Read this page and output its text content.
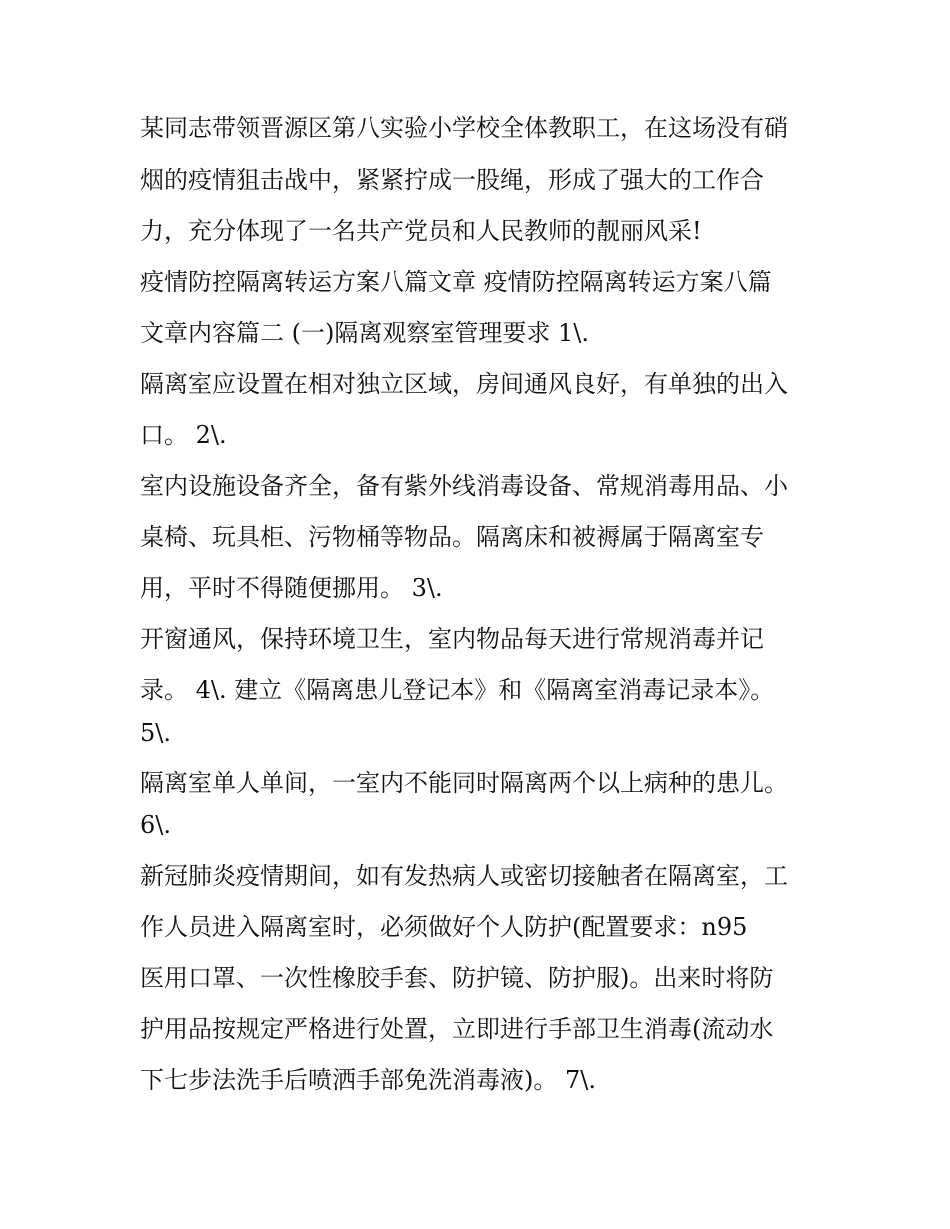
某同志带领晋源区第八实验小学校全体教职工，在这场没有硝
烟的疫情狙击战中，紧紧拧成一股绳，形成了强大的工作合
力，充分体现了一名共产党员和人民教师的靓丽风采!
疫情防控隔离转运方案八篇文章 疫情防控隔离转运方案八篇
文章内容篇二 (一)隔离观察室管理要求 1\.
隔离室应设置在相对独立区域，房间通风良好，有单独的出入
口。 2\.
室内设施设备齐全，备有紫外线消毒设备、常规消毒用品、小
桌椅、玩具柜、污物桶等物品。隔离床和被褥属于隔离室专
用，平时不得随便挪用。 3\.
开窗通风，保持环境卫生，室内物品每天进行常规消毒并记
录。 4\. 建立《隔离患儿登记本》和《隔离室消毒记录本》。
5\.
隔离室单人单间，一室内不能同时隔离两个以上病种的患儿。
6\.
新冠肺炎疫情期间，如有发热病人或密切接触者在隔离室，工
作人员进入隔离室时，必须做好个人防护(配置要求：n95
医用口罩、一次性橡胶手套、防护镜、防护服)。出来时将防
护用品按规定严格进行处置，立即进行手部卫生消毒(流动水
下七步法洗手后喷洒手部免洗消毒液)。 7\.
